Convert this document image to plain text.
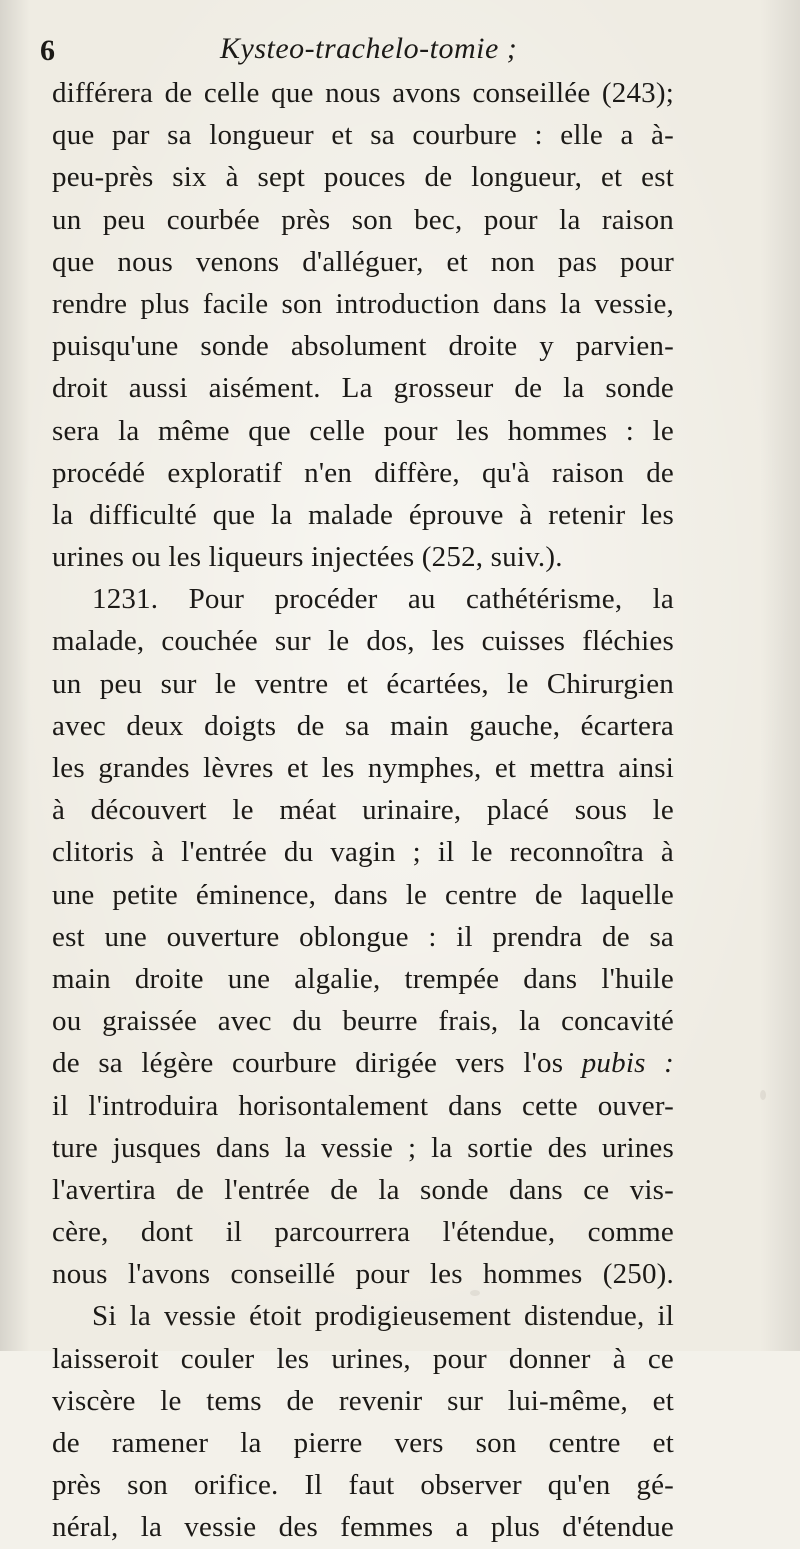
6	Kysteo-trachelo-tomie ;
différera de celle que nous avons conseillée (243);
que par sa longueur et sa courbure : elle a à-
peu-près six à sept pouces de longueur, et est
un peu courbée près son bec, pour la raison
que nous venons d'alléguer, et non pas pour
rendre plus facile son introduction dans la vessie,
puisqu'une sonde absolument droite y parvien-
droit aussi aisément. La grosseur de la sonde
sera la même que celle pour les hommes : le
procédé exploratif n'en diffère, qu'à raison de
la difficulté que la malade éprouve à retenir les
urines ou les liqueurs injectées (252, suiv.).
1231. Pour procéder au cathétérisme, la
malade, couchée sur le dos, les cuisses fléchies
un peu sur le ventre et écartées, le Chirurgien
avec deux doigts de sa main gauche, écartera
les grandes lèvres et les nymphes, et mettra ainsi
à découvert le méat urinaire, placé sous le
clitoris à l'entrée du vagin ; il le reconnoîtra à
une petite éminence, dans le centre de laquelle
est une ouverture oblongue : il prendra de sa
main droite une algalie, trempée dans l'huile
ou graissée avec du beurre frais, la concavité
de sa légère courbure dirigée vers l'os pubis :
il l'introduira horisontalement dans cette ouver-
ture jusques dans la vessie ; la sortie des urines
l'avertira de l'entrée de la sonde dans ce vis-
cère, dont il parcourrera l'étendue, comme
nous l'avons conseillé pour les hommes (250).
Si la vessie étoit prodigieusement distendue, il
laisseroit couler les urines, pour donner à ce
viscère le tems de revenir sur lui-même, et
de ramener la pierre vers son centre et
près son orifice. Il faut observer qu'en gé-
néral, la vessie des femmes a plus d'étendue
